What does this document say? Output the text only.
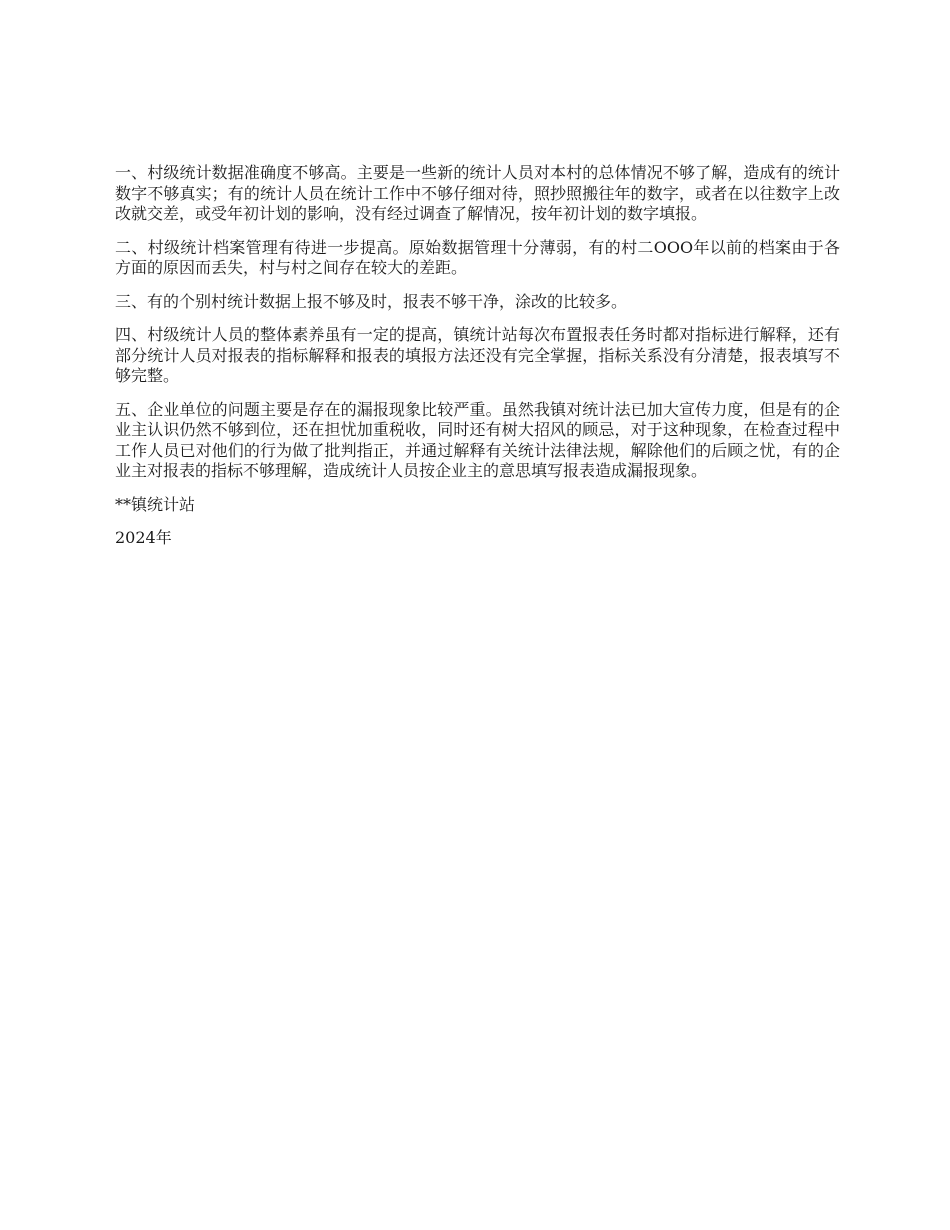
一、村级统计数据准确度不够高。主要是一些新的统计人员对本村的总体情况不够了解，造成有的统计数字不够真实；有的统计人员在统计工作中不够仔细对待，照抄照搬往年的数字，或者在以往数字上改改就交差，或受年初计划的影响，没有经过调查了解情况，按年初计划的数字填报。

二、村级统计档案管理有待进一步提高。原始数据管理十分薄弱，有的村二OOO年以前的档案由于各方面的原因而丢失，村与村之间存在较大的差距。

三、有的个别村统计数据上报不够及时，报表不够干净，涂改的比较多。

四、村级统计人员的整体素养虽有一定的提高，镇统计站每次布置报表任务时都对指标进行解释，还有部分统计人员对报表的指标解释和报表的填报方法还没有完全掌握，指标关系没有分清楚，报表填写不够完整。

五、企业单位的问题主要是存在的漏报现象比较严重。虽然我镇对统计法已加大宣传力度，但是有的企业主认识仍然不够到位，还在担忧加重税收，同时还有树大招风的顾忌，对于这种现象，在检查过程中工作人员已对他们的行为做了批判指正，并通过解释有关统计法律法规，解除他们的后顾之忧，有的企业主对报表的指标不够理解，造成统计人员按企业主的意思填写报表造成漏报现象。

**镇统计站

2024年
